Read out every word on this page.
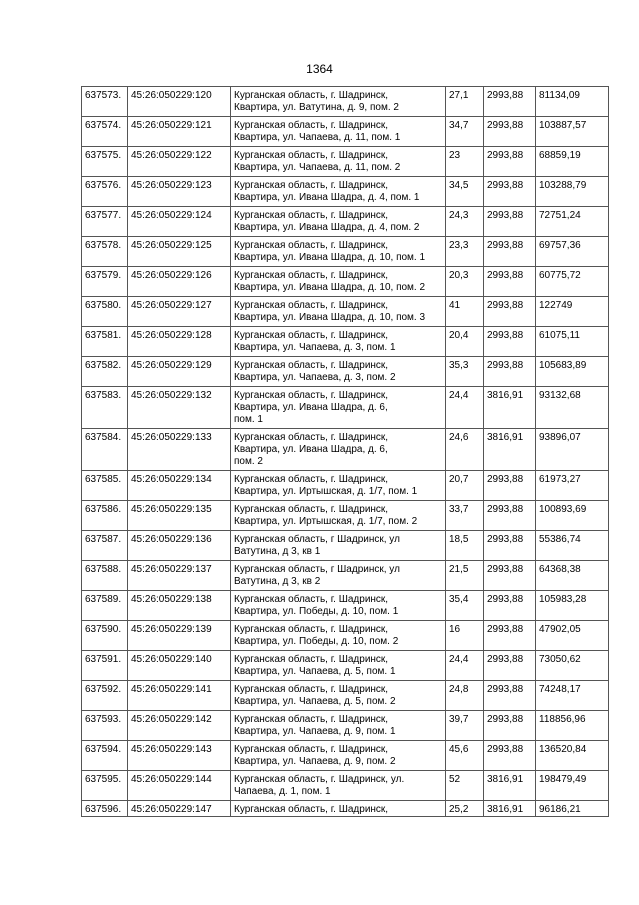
1364
637573.	45:26:050229:120	Курганская область, г. Шадринск,
Квартира, ул. Ватутина, д. 9, пом. 2	27,1	2993,88	81134,09
637574.	45:26:050229:121	Курганская область, г. Шадринск,
Квартира, ул. Чапаева, д. 11, пом. 1	34,7	2993,88	103887,57
637575.	45:26:050229:122	Курганская область, г. Шадринск,
Квартира, ул. Чапаева, д. 11, пом. 2	23	2993,88	68859,19
637576.	45:26:050229:123	Курганская область, г. Шадринск,
Квартира, ул. Ивана Шадра, д. 4, пом. 1	34,5	2993,88	103288,79
637577.	45:26:050229:124	Курганская область, г. Шадринск,
Квартира, ул. Ивана Шадра, д. 4, пом. 2	24,3	2993,88	72751,24
637578.	45:26:050229:125	Курганская область, г. Шадринск,
Квартира, ул. Ивана Шадра, д. 10, пом. 1	23,3	2993,88	69757,36
637579.	45:26:050229:126	Курганская область, г. Шадринск,
Квартира, ул. Ивана Шадра, д. 10, пом. 2	20,3	2993,88	60775,72
637580.	45:26:050229:127	Курганская область, г. Шадринск,
Квартира, ул. Ивана Шадра, д. 10, пом. 3	41	2993,88	122749
637581.	45:26:050229:128	Курганская область, г. Шадринск,
Квартира, ул. Чапаева, д. 3, пом. 1	20,4	2993,88	61075,11
637582.	45:26:050229:129	Курганская область, г. Шадринск,
Квартира, ул. Чапаева, д. 3, пом. 2	35,3	2993,88	105683,89
637583.	45:26:050229:132	Курганская область, г. Шадринск,
Квартира, ул. Ивана Шадра, д. 6,
пом. 1	24,4	3816,91	93132,68
637584.	45:26:050229:133	Курганская область, г. Шадринск,
Квартира, ул. Ивана Шадра, д. 6,
пом. 2	24,6	3816,91	93896,07
637585.	45:26:050229:134	Курганская область, г. Шадринск,
Квартира, ул. Иртышская, д. 1/7, пом. 1	20,7	2993,88	61973,27
637586.	45:26:050229:135	Курганская область, г. Шадринск,
Квартира, ул. Иртышская, д. 1/7, пом. 2	33,7	2993,88	100893,69
637587.	45:26:050229:136	Курганская область, г Шадринск, ул
Ватутина, д 3, кв 1	18,5	2993,88	55386,74
637588.	45:26:050229:137	Курганская область, г Шадринск, ул
Ватутина, д 3, кв 2	21,5	2993,88	64368,38
637589.	45:26:050229:138	Курганская область, г. Шадринск,
Квартира, ул. Победы, д. 10, пом. 1	35,4	2993,88	105983,28
637590.	45:26:050229:139	Курганская область, г. Шадринск,
Квартира, ул. Победы, д. 10, пом. 2	16	2993,88	47902,05
637591.	45:26:050229:140	Курганская область, г. Шадринск,
Квартира, ул. Чапаева, д. 5, пом. 1	24,4	2993,88	73050,62
637592.	45:26:050229:141	Курганская область, г. Шадринск,
Квартира, ул. Чапаева, д. 5, пом. 2	24,8	2993,88	74248,17
637593.	45:26:050229:142	Курганская область, г. Шадринск,
Квартира, ул. Чапаева, д. 9, пом. 1	39,7	2993,88	118856,96
637594.	45:26:050229:143	Курганская область, г. Шадринск,
Квартира, ул. Чапаева, д. 9, пом. 2	45,6	2993,88	136520,84
637595.	45:26:050229:144	Курганская область, г. Шадринск, ул.
Чапаева, д. 1, пом. 1	52	3816,91	198479,49
637596.	45:26:050229:147	Курганская область, г. Шадринск,	25,2	3816,91	96186,21
